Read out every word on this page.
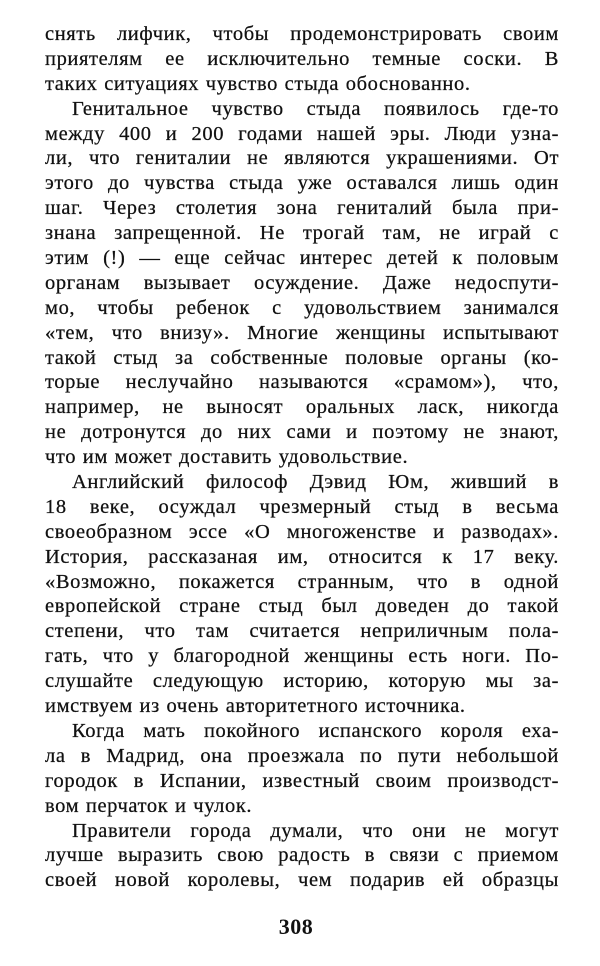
снять лифчик, чтобы продемонстрировать своим
приятелям ее исключительно темные соски. В
таких ситуациях чувство стыда обоснованно.
Генитальное чувство стыда появилось где-то
между 400 и 200 годами нашей эры. Люди узна-
ли, что гениталии не являются украшениями. От
этого до чувства стыда уже оставался лишь один
шаг. Через столетия зона гениталий была при-
знана запрещенной. Не трогай там, не играй с
этим (!) — еще сейчас интерес детей к половым
органам вызывает осуждение. Даже недоспути-
мо, чтобы ребенок с удовольствием занимался
«тем, что внизу». Многие женщины испытывают
такой стыд за собственные половые органы (ко-
торые неслучайно называются «срамом»), что,
например, не выносят оральных ласк, никогда
не дотронутся до них сами и поэтому не знают,
что им может доставить удовольствие.
Английский философ Дэвид Юм, живший в
18 веке, осуждал чрезмерный стыд в весьма
своеобразном эссе «О многоженстве и разводах».
История, рассказаная им, относится к 17 веку.
«Возможно, покажется странным, что в одной
европейской стране стыд был доведен до такой
степени, что там считается неприличным пола-
гать, что у благородной женщины есть ноги. По-
слушайте следующую историю, которую мы за-
имствуем из очень авторитетного источника.
Когда мать покойного испанского короля еха-
ла в Мадрид, она проезжала по пути небольшой
городок в Испании, известный своим производст-
вом перчаток и чулок.
Правители города думали, что они не могут
лучше выразить свою радость в связи с приемом
своей новой королевы, чем подарив ей образцы
308
